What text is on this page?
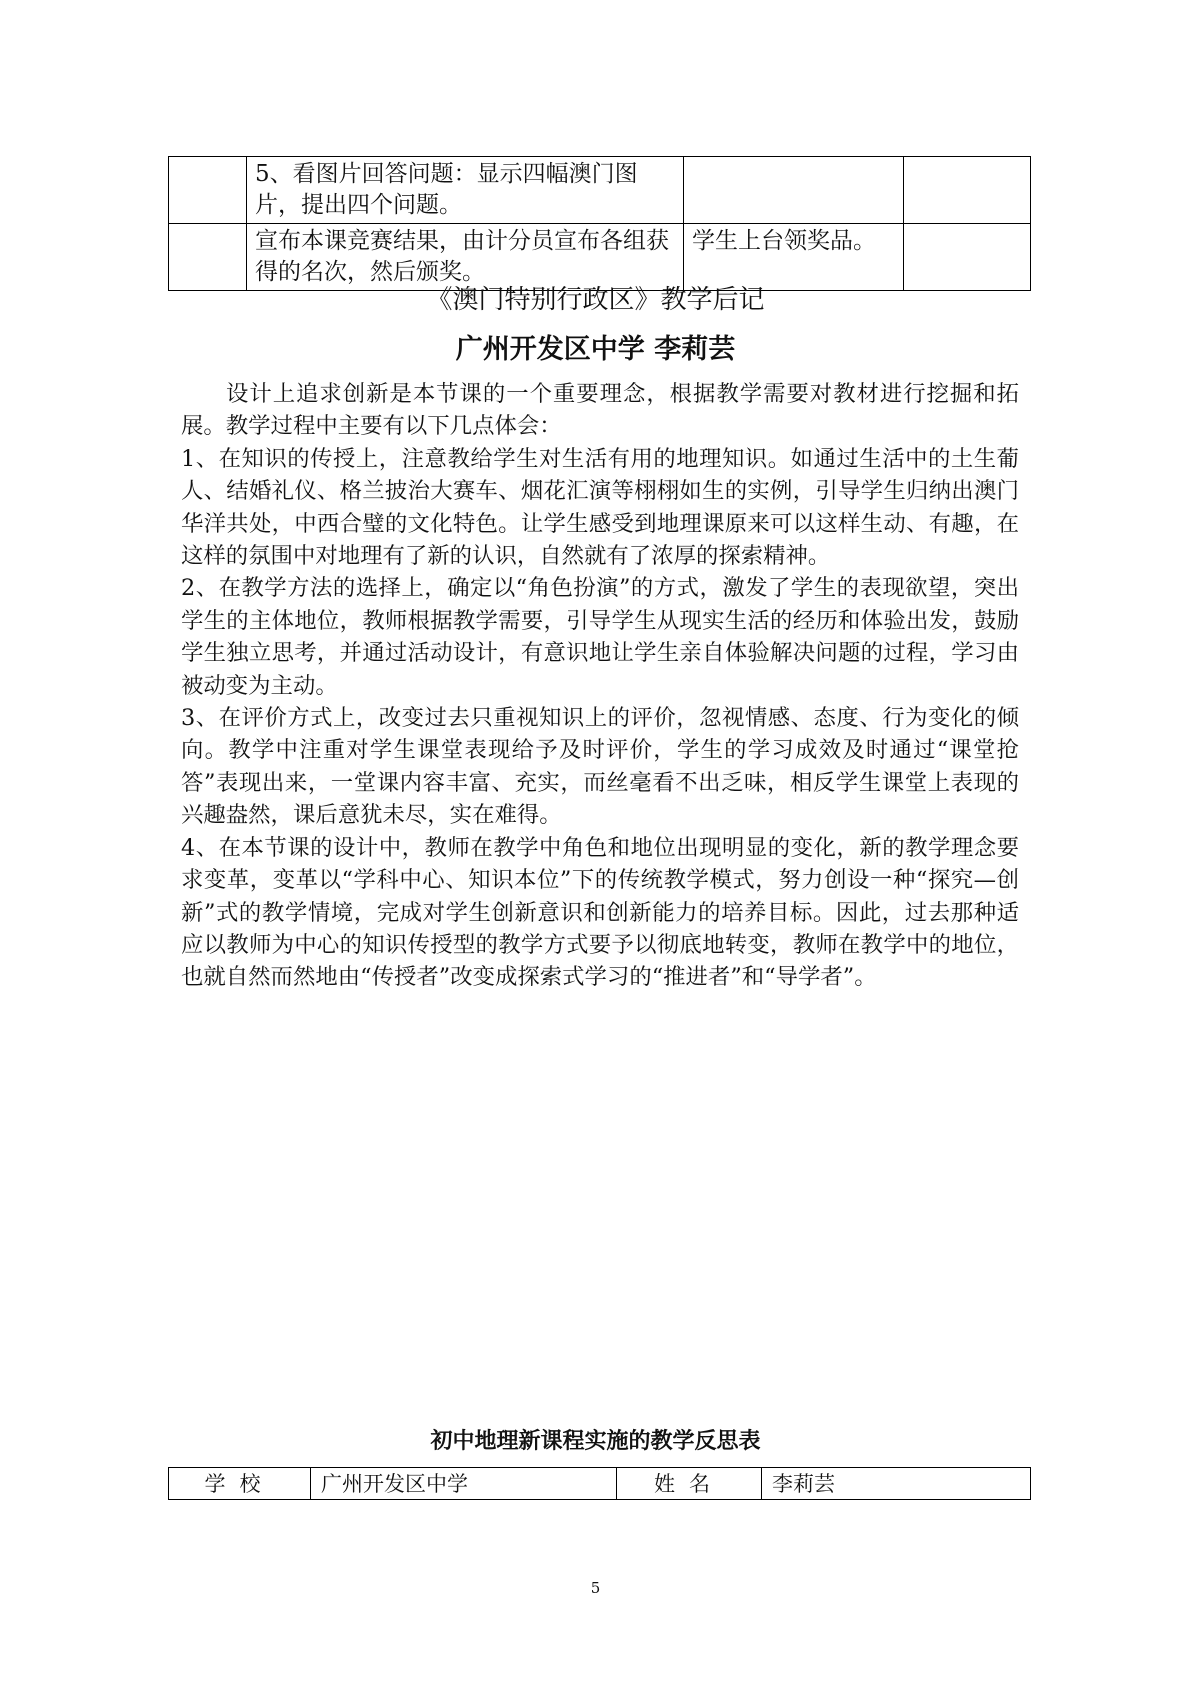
	5、看图片回答问题：显示四幅澳门图片，提出四个问题。		
	宣布本课竞赛结果，由计分员宣布各组获得的名次，然后颁奖。	学生上台领奖品。	
《澳门特别行政区》教学后记
广州开发区中学 李莉芸

设计上追求创新是本节课的一个重要理念，根据教学需要对教材进行挖掘和拓展。教学过程中主要有以下几点体会：

1、在知识的传授上，注意教给学生对生活有用的地理知识。如通过生活中的土生葡人、结婚礼仪、格兰披治大赛车、烟花汇演等栩栩如生的实例，引导学生归纳出澳门华洋共处，中西合璧的文化特色。让学生感受到地理课原来可以这样生动、有趣，在这样的氛围中对地理有了新的认识，自然就有了浓厚的探索精神。

2、在教学方法的选择上，确定以“角色扮演”的方式，激发了学生的表现欲望，突出学生的主体地位，教师根据教学需要，引导学生从现实生活的经历和体验出发，鼓励学生独立思考，并通过活动设计，有意识地让学生亲自体验解决问题的过程，学习由被动变为主动。

3、在评价方式上，改变过去只重视知识上的评价，忽视情感、态度、行为变化的倾向。教学中注重对学生课堂表现给予及时评价，学生的学习成效及时通过“课堂抢答”表现出来，一堂课内容丰富、充实，而丝毫看不出乏味，相反学生课堂上表现的兴趣盎然，课后意犹未尽，实在难得。

4、在本节课的设计中，教师在教学中角色和地位出现明显的变化，新的教学理念要求变革，变革以“学科中心、知识本位”下的传统教学模式，努力创设一种“探究—创新”式的教学情境，完成对学生创新意识和创新能力的培养目标。因此，过去那种适应以教师为中心的知识传授型的教学方式要予以彻底地转变，教师在教学中的地位，也就自然而然地由“传授者”改变成探索式学习的“推进者”和“导学者”。

初中地理新课程实施的教学反思表
学校	广州开发区中学	姓名	李莉芸
5
